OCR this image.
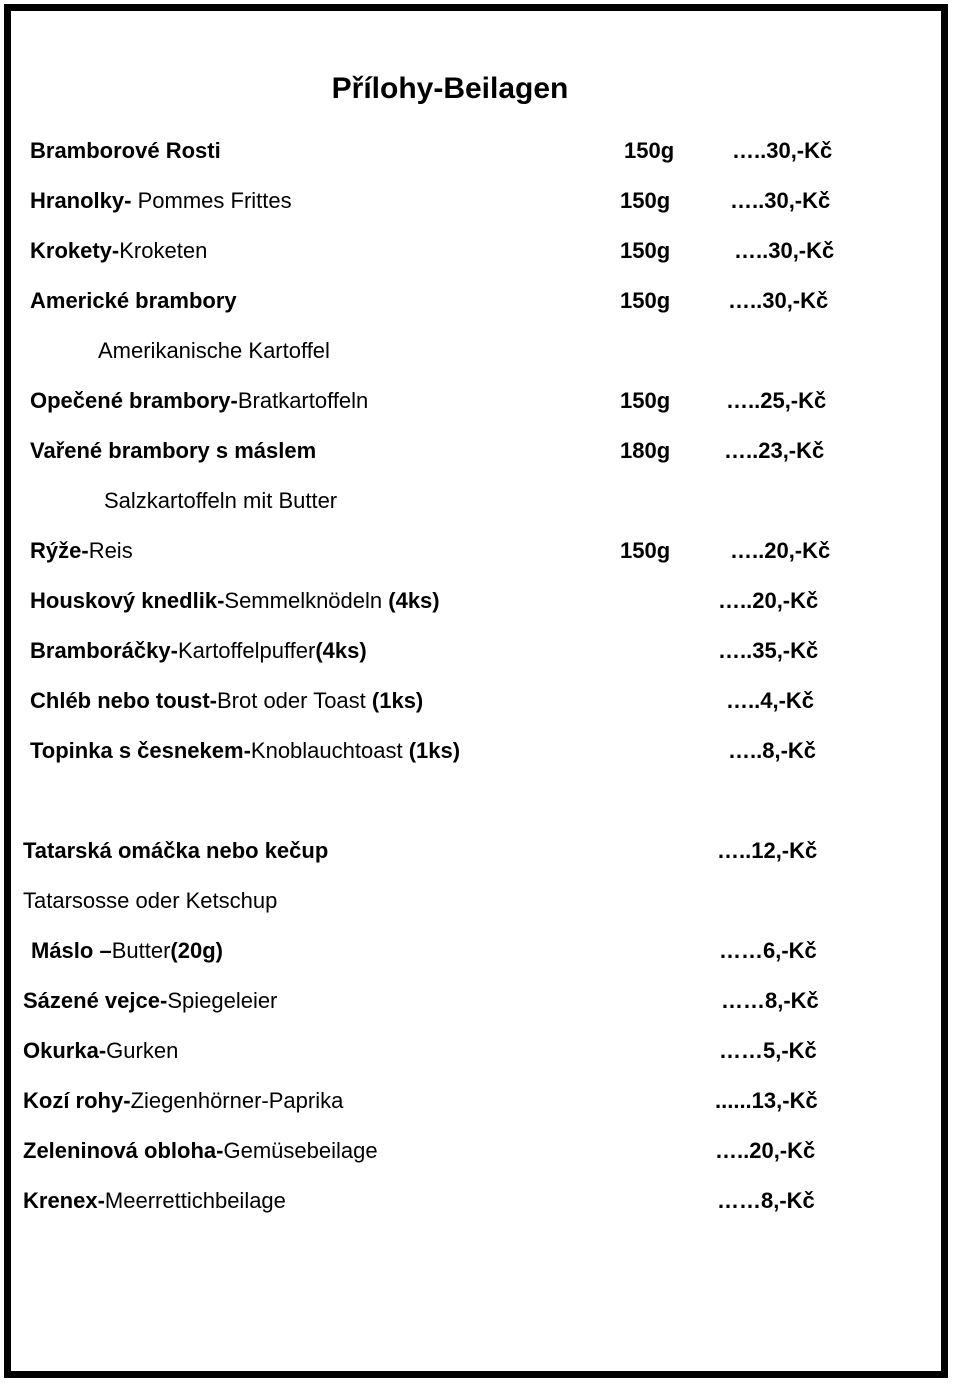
Přílohy-Beilagen
Bramborové Rosti	150g	…..30,-Kč
Hranolky- Pommes Frittes	150g	…..30,-Kč
Krokety-Kroketen	150g	…..30,-Kč
Americké brambory	150g	…..30,-Kč
Amerikanische Kartoffel
Opečené brambory-Bratkartoffeln	150g	…..25,-Kč
Vařené brambory s máslem	180g …..23,-Kč
Salzkartoffeln mit Butter
Rýže-Reis	150g	…..20,-Kč
Houskový knedlik-Semmelknödeln (4ks)	…..20,-Kč
Bramboráčky-Kartoffelpuffer(4ks)	…..35,-Kč
Chléb nebo toust-Brot oder Toast (1ks)	…..4,-Kč
Topinka s česnekem-Knoblauchtoast (1ks)	…..8,-Kč
Tatarská omáčka nebo kečup	…..12,-Kč
Tatarsosse oder Ketschup
Máslo –Butter(20g)	……6,-Kč
Sázené vejce-Spiegeleier	……8,-Kč
Okurka-Gurken	……5,-Kč
Kozí rohy-Ziegenhörner-Paprika	......13,-Kč
Zeleninová obloha-Gemüsebeilage	…..20,-Kč
Krenex-Meerrettichbeilage	……8,-Kč
